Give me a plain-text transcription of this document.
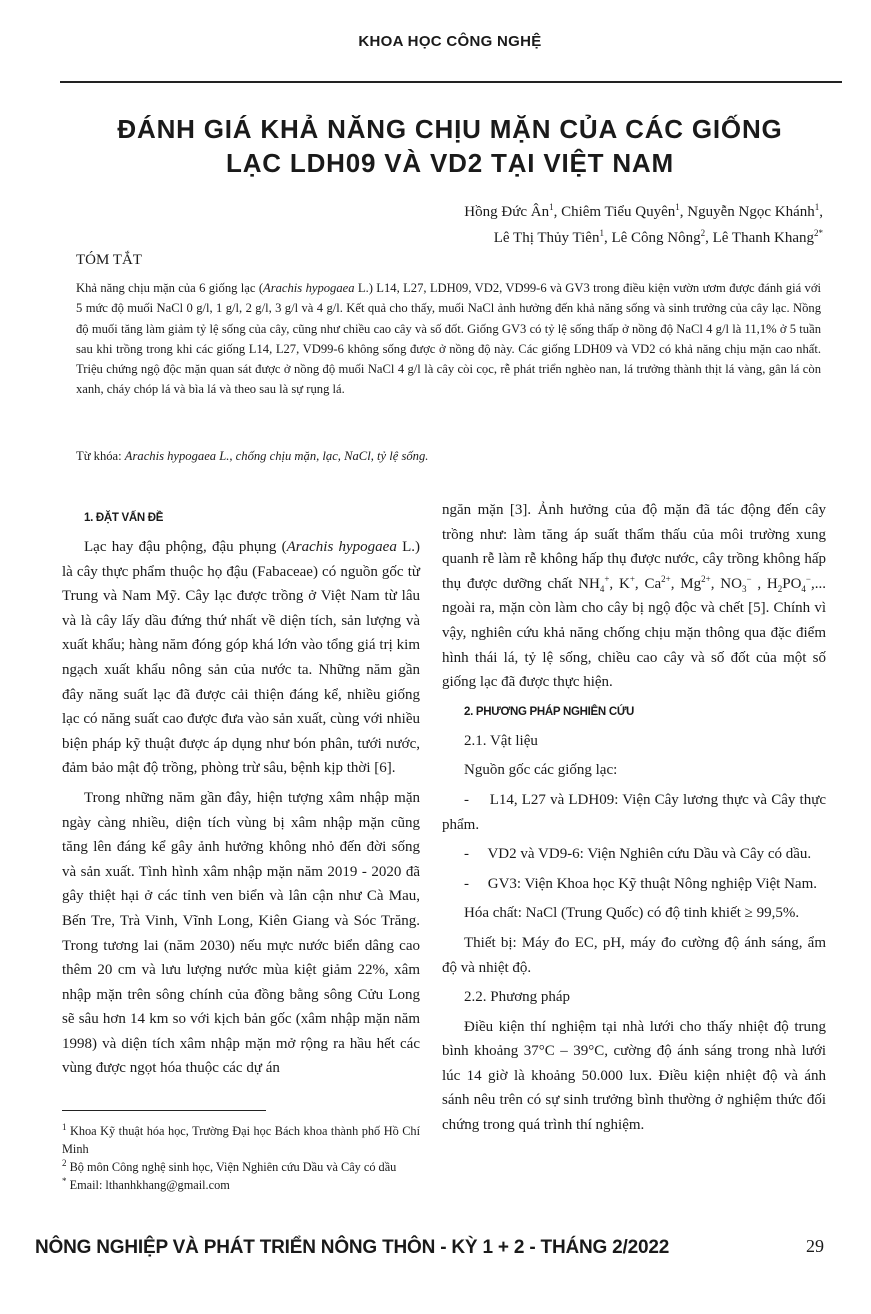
KHOA HỌC CÔNG NGHỆ
ĐÁNH GIÁ KHẢ NĂNG CHỊU MẶN CỦA CÁC GIỐNG
LẠC LDH09 VÀ VD2 TẠI VIỆT NAM
Hồng Đức $Ân^1$, Chiêm Tiểu Quyên$^1$, Nguyễn Ngọc Khánh$^1$,
Lê Thị Thủy Tiên$^1$, Lê Công Nông$^2$, Lê Thanh Khang$^{2*}$
TÓM TẮT
Khả năng chịu mặn của 6 giống lạc (Arachis hypogaea L.) L14, L27, LDH09, VD2, VD99-6 và GV3 trong điều kiện vườn ươm được đánh giá với 5 mức độ muối NaCl 0 g/l, 1 g/l, 2 g/l, 3 g/l và 4 g/l. Kết quả cho thấy, muối NaCl ảnh hưởng đến khả năng sống và sinh trưởng của cây lạc. Nồng độ muối tăng làm giảm tỷ lệ sống của cây, cũng như chiều cao cây và số đốt. Giống GV3 có tỷ lệ sống thấp ở nồng độ NaCl 4 g/l là 11,1% ở 5 tuần sau khi trồng trong khi các giống L14, L27, VD99-6 không sống được ở nồng độ này. Các giống LDH09 và VD2 có khả năng chịu mặn cao nhất. Triệu chứng ngộ độc mặn quan sát được ở nồng độ muối NaCl 4 g/l là cây còi cọc, rễ phát triển nghèo nan, lá trưởng thành thịt lá vàng, gân lá còn xanh, cháy chóp lá và bìa lá và theo sau là sự rụng lá.
Từ khóa: Arachis hypogaea L., chống chịu mặn, lạc, NaCl, tỷ lệ sống.
1. ĐẶT VẤN ĐỀ

Lạc hay đậu phộng, đậu phụng (Arachis hypogaea L.) là cây thực phẩm thuộc họ đậu (Fabaceae) có nguồn gốc từ Trung và Nam Mỹ. Cây lạc được trồng ở Việt Nam từ lâu và là cây lấy dầu đứng thứ nhất về diện tích, sản lượng và xuất khẩu; hàng năm đóng góp khá lớn vào tổng giá trị kim ngạch xuất khẩu nông sản của nước ta. Những năm gần đây năng suất lạc đã được cải thiện đáng kể, nhiều giống lạc có năng suất cao được đưa vào sản xuất, cùng với nhiều biện pháp kỹ thuật được áp dụng như bón phân, tưới nước, đảm bảo mật độ trồng, phòng trừ sâu, bệnh kịp thời [6].

Trong những năm gần đây, hiện tượng xâm nhập mặn ngày càng nhiều, diện tích vùng bị xâm nhập mặn cũng tăng lên đáng kể gây ảnh hưởng không nhỏ đến đời sống và sản xuất. Tình hình xâm nhập mặn năm 2019 - 2020 đã gây thiệt hại ở các tỉnh ven biển và lân cận như Cà Mau, Bến Tre, Trà Vinh, Vĩnh Long, Kiên Giang và Sóc Trăng. Trong tương lai (năm 2030) nếu mực nước biển dâng cao thêm 20 cm và lưu lượng nước mùa kiệt giảm 22%, xâm nhập mặn trên sông chính của đồng bằng sông Cửu Long sẽ sâu hơn 14 km so với kịch bản gốc (xâm nhập mặn năm 1998) và diện tích xâm nhập mặn mở rộng ra hầu hết các vùng được ngọt hóa thuộc các dự án

$^1$ Khoa Kỹ thuật hóa học, Trường Đại học Bách khoa thành phố Hồ Chí Minh
$^2$ Bộ môn Công nghệ sinh học, Viện Nghiên cứu Dầu và Cây có dầu
* Email: lthanhkhang@gmail.com

ngăn mặn [3]. Ảnh hưởng của độ mặn đã tác động đến cây trồng như: làm tăng áp suất thẩm thấu của môi trường xung quanh rễ làm rễ không hấp thụ được nước, cây trồng không hấp thụ được dưỡng chất $NH_4^+$, K+, $Ca^{2+}$, $Mg^{2+}$, $NO_3^-$ , $H_2PO_4^-$,... ngoài ra, mặn còn làm cho cây bị ngộ độc và chết [5]. Chính vì vậy, nghiên cứu khả năng chống chịu mặn thông qua đặc điểm hình thái lá, tỷ lệ sống, chiều cao cây và số đốt của một số giống lạc đã được thực hiện.

2. PHƯƠNG PHÁP NGHIÊN CỨU
2.1. Vật liệu

Nguồn gốc các giống lạc:

-     L14, L27 và LDH09: Viện Cây lương thực và Cây thực phẩm.

-     VD2 và VD9-6: Viện Nghiên cứu Dầu và Cây có dầu.

-     GV3: Viện Khoa học Kỹ thuật Nông nghiệp Việt Nam.

Hóa chất: NaCl (Trung Quốc) có độ tinh khiết ≥ 99,5%.

Thiết bị: Máy đo EC, pH, máy đo cường độ ánh sáng, ẩm độ và nhiệt độ.

2.2. Phương pháp

Điều kiện thí nghiệm tại nhà lưới cho thấy nhiệt độ trung bình khoảng 37°C – 39°C, cường độ ánh sáng trong nhà lưới lúc 14 giờ là khoảng 50.000 lux. Điều kiện nhiệt độ và ánh sánh nêu trên có sự sinh trưởng bình thường ở nghiệm thức đối chứng trong quá trình thí nghiệm.

NÔNG NGHIỆP VÀ PHÁT TRIỂN NÔNG THÔN - KỲ 1 + 2 - THÁNG 2/2022	29
